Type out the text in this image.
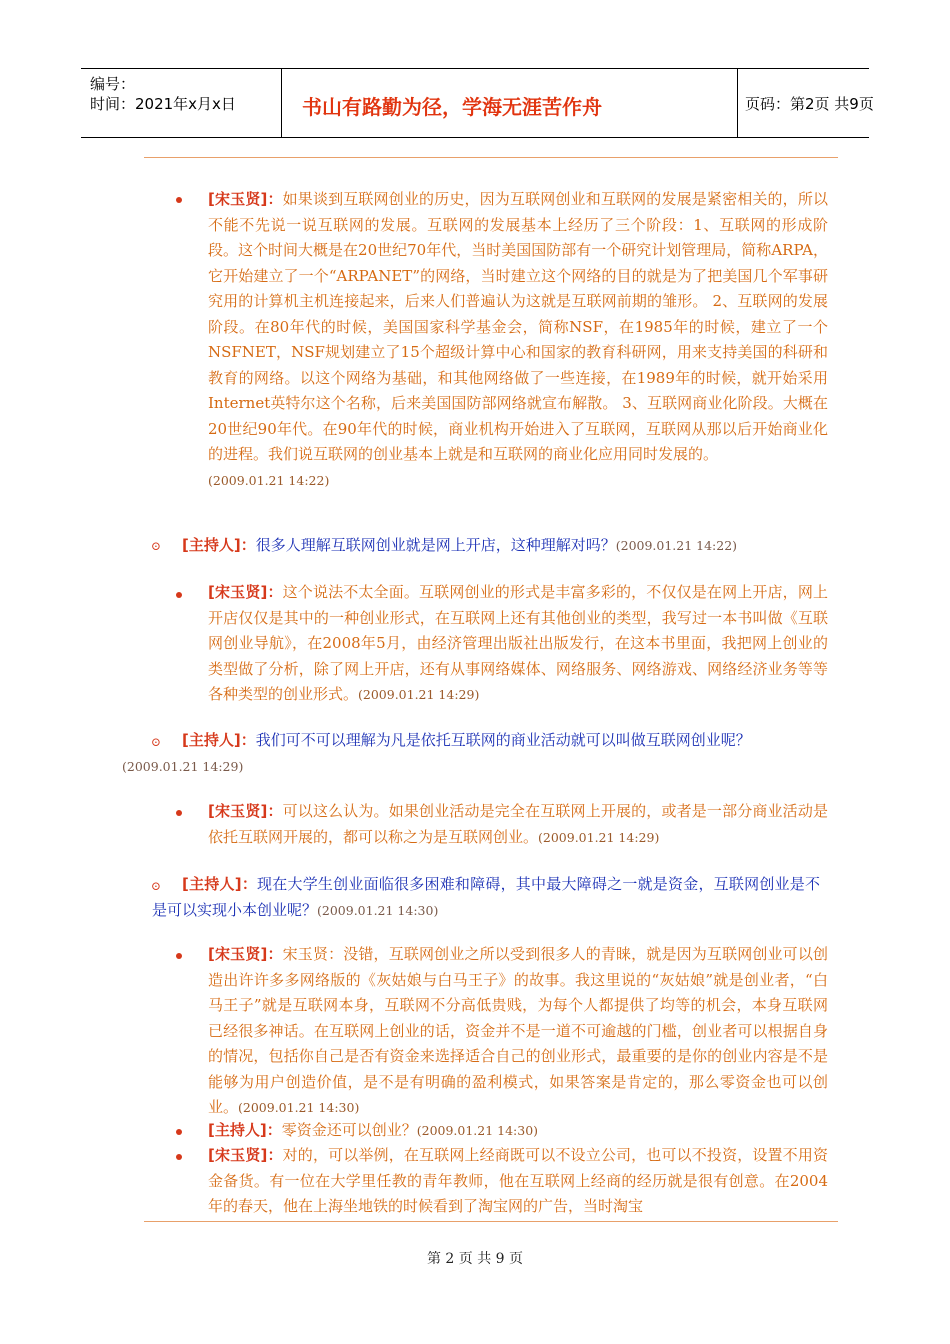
编号：
时间：2021年x月x日	书山有路勤为径，学海无涯苦作舟	页码：第2页 共9页
[宋玉贤]：如果谈到互联网创业的历史，因为互联网创业和互联网的发展是紧密相关的，所以不能不先说一说互联网的发展。互联网的发展基本上经历了三个阶段：1、互联网的形成阶段。这个时间大概是在20世纪70年代，当时美国国防部有一个研究计划管理局，简称ARPA，它开始建立了一个“ARPANET”的网络，当时建立这个网络的目的就是为了把美国几个军事研究用的计算机主机连接起来，后来人们普遍认为这就是互联网前期的雏形。 2、互联网的发展阶段。在80年代的时候，美国国家科学基金会，简称NSF，在1985年的时候，建立了一个NSFNET，NSF规划建立了15个超级计算中心和国家的教育科研网，用来支持美国的科研和教育的网络。以这个网络为基础，和其他网络做了一些连接，在1989年的时候，就开始采用Internet英特尔这个名称，后来美国国防部网络就宣布解散。 3、互联网商业化阶段。大概在20世纪90年代。在90年代的时候，商业机构开始进入了互联网，互联网从那以后开始商业化的进程。我们说互联网的创业基本上就是和互联网的商业化应用同时发展的。
(2009.01.21 14:22)
⊙ [主持人]：很多人理解互联网创业就是网上开店，这种理解对吗？(2009.01.21 14:22)
[宋玉贤]：这个说法不太全面。互联网创业的形式是丰富多彩的，不仅仅是在网上开店，网上开店仅仅是其中的一种创业形式，在互联网上还有其他创业的类型，我写过一本书叫做《互联网创业导航》，在2008年5月，由经济管理出版社出版发行，在这本书里面，我把网上创业的类型做了分析，除了网上开店，还有从事网络媒体、网络服务、网络游戏、网络经济业务等等各种类型的创业形式。(2009.01.21 14:29)
⊙	[主持人]：我们可不可以理解为凡是依托互联网的商业活动就可以叫做互联网创业呢？
(2009.01.21 14:29)
[宋玉贤]：可以这么认为。如果创业活动是完全在互联网上开展的，或者是一部分商业活动是依托互联网开展的，都可以称之为是互联网创业。(2009.01.21 14:29)
⊙	[主持人]：现在大学生创业面临很多困难和障碍，其中最大障碍之一就是资金，互联网创业是不是可以实现小本创业呢？(2009.01.21 14:30)
[宋玉贤]：宋玉贤：没错，互联网创业之所以受到很多人的青睐，就是因为互联网创业可以创造出许许多多网络版的《灰姑娘与白马王子》的故事。我这里说的“灰姑娘”就是创业者，“白马王子”就是互联网本身，互联网不分高低贵贱，为每个人都提供了均等的机会，本身互联网已经很多神话。在互联网上创业的话，资金并不是一道不可逾越的门槛，创业者可以根据自身的情况，包括你自己是否有资金来选择适合自己的创业形式，最重要的是你的创业内容是不是能够为用户创造价值，是不是有明确的盈利模式，如果答案是肯定的，那么零资金也可以创业。(2009.01.21 14:30)
[主持人]：零资金还可以创业？(2009.01.21 14:30)
[宋玉贤]：对的，可以举例，在互联网上经商既可以不设立公司，也可以不投资，设置不用资金备货。有一位在大学里任教的青年教师，他在互联网上经商的经历就是很有创意。在2004年的春天，他在上海坐地铁的时候看到了淘宝网的广告，当时淘宝
第 2 页 共 9 页
